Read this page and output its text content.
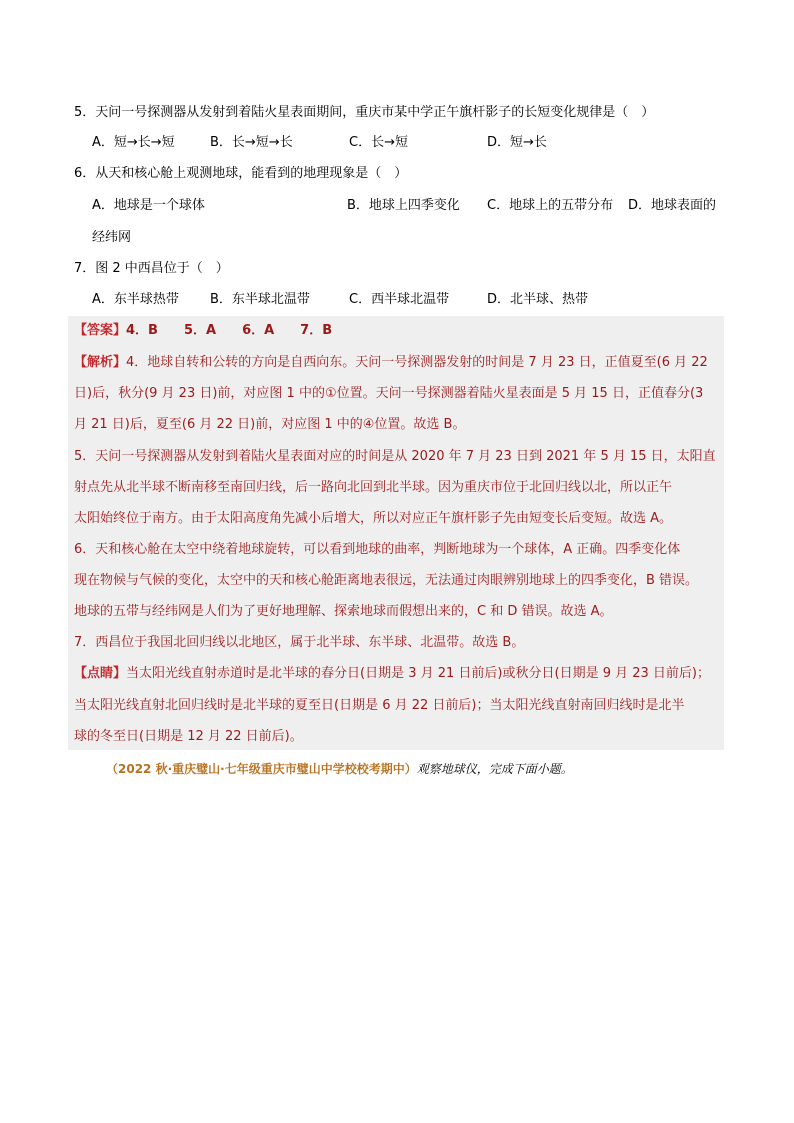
5．天问一号探测器从发射到着陆火星表面期间，重庆市某中学正午旗杆影子的长短变化规律是（　）
A．短→长→短	B．长→短→长	C．长→短	D．短→长
6．从天和核心舱上观测地球，能看到的地理现象是（　）
A．地球是一个球体	B．地球上四季变化 C．地球上的五带分布 D．地球表面的
经纬网
7．图 2 中西昌位于（　）
A．东半球热带 B．东半球北温带	C．西半球北温带	D．北半球、热带
【答案】4．B　　5．A　　6．A　　7．B
【解析】4．地球自转和公转的方向是自西向东。天问一号探测器发射的时间是 7 月 23 日，正值夏至(6 月 22
日)后，秋分(9 月 23 日)前，对应图 1 中的①位置。天问一号探测器着陆火星表面是 5 月 15 日，正值春分(3
月 21 日)后，夏至(6 月 22 日)前，对应图 1 中的④位置。故选 B。
5．天问一号探测器从发射到着陆火星表面对应的时间是从 2020 年 7 月 23 日到 2021 年 5 月 15 日，太阳直
射点先从北半球不断南移至南回归线，后一路向北回到北半球。因为重庆市位于北回归线以北，所以正午
太阳始终位于南方。由于太阳高度角先减小后增大，所以对应正午旗杆影子先由短变长后变短。故选 A。
6．天和核心舱在太空中绕着地球旋转，可以看到地球的曲率，判断地球为一个球体，A 正确。四季变化体
现在物候与气候的变化，太空中的天和核心舱距离地表很远，无法通过肉眼辨别地球上的四季变化，B 错误。
地球的五带与经纬网是人们为了更好地理解、探索地球而假想出来的，C 和 D 错误。故选 A。
7．西昌位于我国北回归线以北地区，属于北半球、东半球、北温带。故选 B。
【点睛】当太阳光线直射赤道时是北半球的春分日(日期是 3 月 21 日前后)或秋分日(日期是 9 月 23 日前后)；
当太阳光线直射北回归线时是北半球的夏至日(日期是 6 月 22 日前后)；当太阳光线直射南回归线时是北半
球的冬至日(日期是 12 月 22 日前后)。
（2022 秋·重庆璧山·七年级重庆市璧山中学校校考期中）观察地球仪，完成下面小题。
